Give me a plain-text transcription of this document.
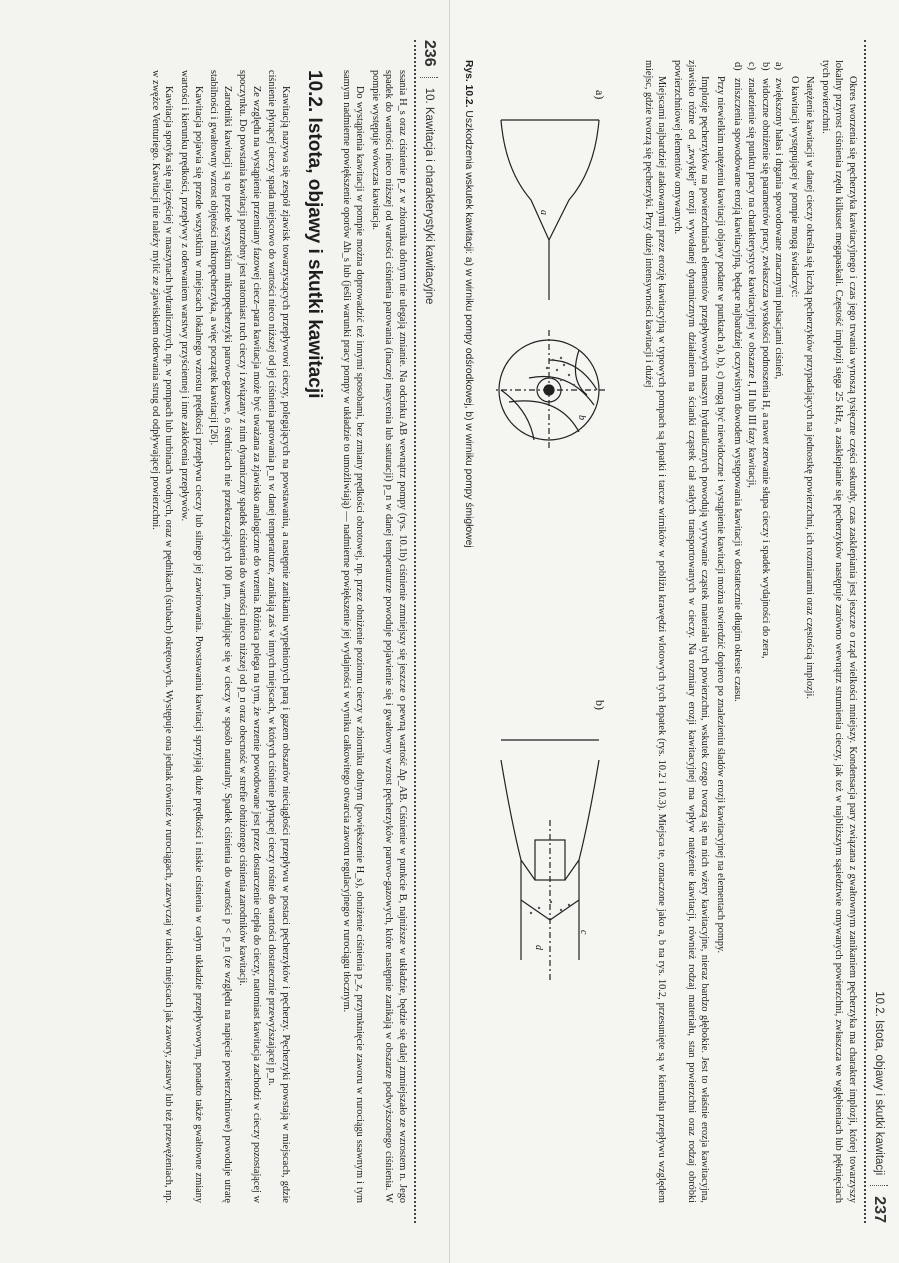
236
10. Kawitacja i charakterystyki kawitacyjne

ssania H_s oraz ciśnienie p_z w zbiorniku dolnym nie ulegają zmianie. Na odcinku AB wewnątrz pompy (rys. 10.1b) ciśnienie zmniejszy się jeszcze o pewną wartość Δp_AB. Ciśnienie w punkcie B, najniższe w układzie, będzie się dalej zmniejszało ze wzrostem n. Jego spadek do wartości nieco niższej od wartości ciśnienia parowania (inaczej nasycenia lub saturacji) p_n w danej temperaturze powoduje pojawienie się i gwałtowny wzrost pęcherzyków parowo-gazowych, które następnie zanikają w obszarze podwyższonego ciśnienia. W pompie występuje wówczas kawitacja.

Do wystąpienia kawitacji w pompie można doprowadzić też innymi sposobami, bez zmiany prędkości obrotowej, np. przez obniżenie poziomu cieczy w zbiorniku dolnym (powiększenie H_s), obniżenie ciśnienia p_z, przymknięcie zaworu w rurociągu ssawnym i tym samym nadmierne powiększenie oporów Δh_s lub (jeśli warunki pracy pompy w układzie to umożliwiają) — nadmierne powiększenie jej wydajności w wyniku całkowitego otwarcia zaworu regulacyjnego w rurociągu tłocznym.

10.2. Istota, objawy i skutki kawitacji

Kawitacją nazywa się zespół zjawisk towarzyszących przepływowi cieczy, polegających na powstawaniu, a następnie zanikaniu wypełnionych parą i gazem obszarów nieciągłości przepływu w postaci pęcherzyków i pęcherzy. Pęcherzyki powstają w miejscach, gdzie ciśnienie płynącej cieczy spada miejscowo do wartości nieco niższej od jej ciśnienia parowania p_n w danej temperaturze, zanikają zaś w innych miejscach, w których ciśnienie płynącej cieczy rośnie do wartości dostatecznie przewyższającej p_n.

Ze względu na wystąpienie przemiany fazowej ciecz–para kawitacja może być uważana za zjawisko analogiczne do wrzenia. Różnica polega na tym, że wrzenie powodowane jest przez dostarczenie ciepła do cieczy, natomiast kawitacja zachodzi w cieczy pozostającej w spoczynku. Do powstania kawitacji potrzebny jest natomiast ruch cieczy i związany z nim dynamiczny spadek ciśnienia do wartości nieco niższej od p_n oraz obecność w strefie obniżonego ciśnienia zarodników kawitacji.

Zarodniki kawitacji są to przede wszystkim mikropęcherzyki parowo-gazowe, o średnicach nie przekraczających 100 μm, znajdujące się w cieczy w sposób naturalny. Spadek ciśnienia do wartości p < p_n (ze względu na napięcie powierzchniowe) powoduje utratę stabilności i gwałtowny wzrost objętości mikropęcherzyka, a więc początek kawitacji [26].

Kawitacja pojawia się przede wszystkim w miejscach lokalnego wzrostu prędkości przepływu cieczy lub silnego jej zawirowania. Powstawaniu kawitacji sprzyjają duże prędkości i niskie ciśnienia w całym układzie przepływowym, ponadto także gwałtowne zmiany wartości i kierunku prędkości, przepływy z oderwaniem warstwy przyściennej i inne zakłócenia przepływów.

Kawitacja spotyka się najczęściej w maszynach hydraulicznych, np. w pompach lub turbinach wodnych, oraz w pędnikach (śrubach) okrętowych. Występuje ona jednak również w rurociągach, zazwyczaj w takich miejscach jak zawory, zasuwy lub też przewężeniach, np. w zwężce Venturiego. Kawitacji nie należy mylić ze zjawiskiem oderwania strug od odpływającej powierzchni.

10.2. Istota, objawy i skutki kawitacji
237

Okres tworzenia się pęcherzyka kawitacyjnego i czas jego trwania wynoszą tysięczne części sekundy, czas zasklepiania jest jeszcze o rząd wielkości mniejszy. Kondensacja pary związana z gwałtownym zanikaniem pęcherzyka ma charakter implozji, której towarzyszy lokalny przyrost ciśnienia rzędu kilkuset megapaskali. Częstość implozji sięga 25 kHz, a zasklepianie się pęcherzyków następuje zarówno wewnątrz strumienia cieczy, jak też w najbliższym sąsiedztwie omywanych powierzchni, zwłaszcza we wgłębieniach lub pęknięciach tych powierzchni.

Natężenie kawitacji w danej cieczy określa się liczbą pęcherzyków przypadających na jednostkę powierzchni, ich rozmiarami oraz częstością implozji.

O kawitacji występującej w pompie mogą świadczyć:

a)zwiększony hałas i drgania spowodowane znacznymi pulsacjami ciśnień,
b)widoczne obniżenie się parametrów pracy, zwłaszcza wysokości podnoszenia H, a nawet zerwanie słupa cieczy i spadek wydajności do zera,
c)znalezienie się punktu pracy na charakterystyce kawitacyjnej w obszarze I, II lub III fazy kawitacji,
d)zniszczenia spowodowane erozją kawitacyjną, będące najbardziej oczywistym dowodem występowania kawitacji w dostatecznie długim okresie czasu.

Przy niewielkim natężeniu kawitacji objawy podane w punktach a), b), c) mogą być niewidoczne i wystąpienie kawitacji można stwierdzić dopiero po znalezieniu śladów erozji kawitacyjnej na elementach pompy.

Implozje pęcherzyków na powierzchniach elementów przepływowych maszyn hydraulicznych powodują wyrywanie cząstek materiału tych powierzchni, wskutek czego tworzą się na nich wżery kawitacyjne, nieraz bardzo głębokie. Jest to właśnie erozja kawitacyjna, zjawisko różne od „zwykłej” erozji wywołanej dynamicznym działaniem na ścianki cząstek ciał stałych transportowanych w cieczy. Na rozmiary erozji kawitacyjnej ma wpływ natężenie kawitacji, również rodzaj materiału, stan powierzchni oraz rodzaj obróbki powierzchniowej elementów omywanych.

Miejscami najbardziej atakowanymi przez erozję kawitacyjną w typowych pompach są łopatki i tarcze wirników w pobliżu krawędzi wlotowych tych łopatek (rys. 10.2 i 10.3). Miejsca te, oznaczone jako a, b na rys. 10.2, przesunięte są w kierunku przepływu względem miejsc, gdzie tworzą się pęcherzyki. Przy dużej intensywności kawitacji i dużej

a)
b)
a
b
c
d
Rys. 10.2. Uszkodzenia wskutek kawitacji: a) w wirniku pompy odśrodkowej, b) w wirniku pompy śmigłowej
